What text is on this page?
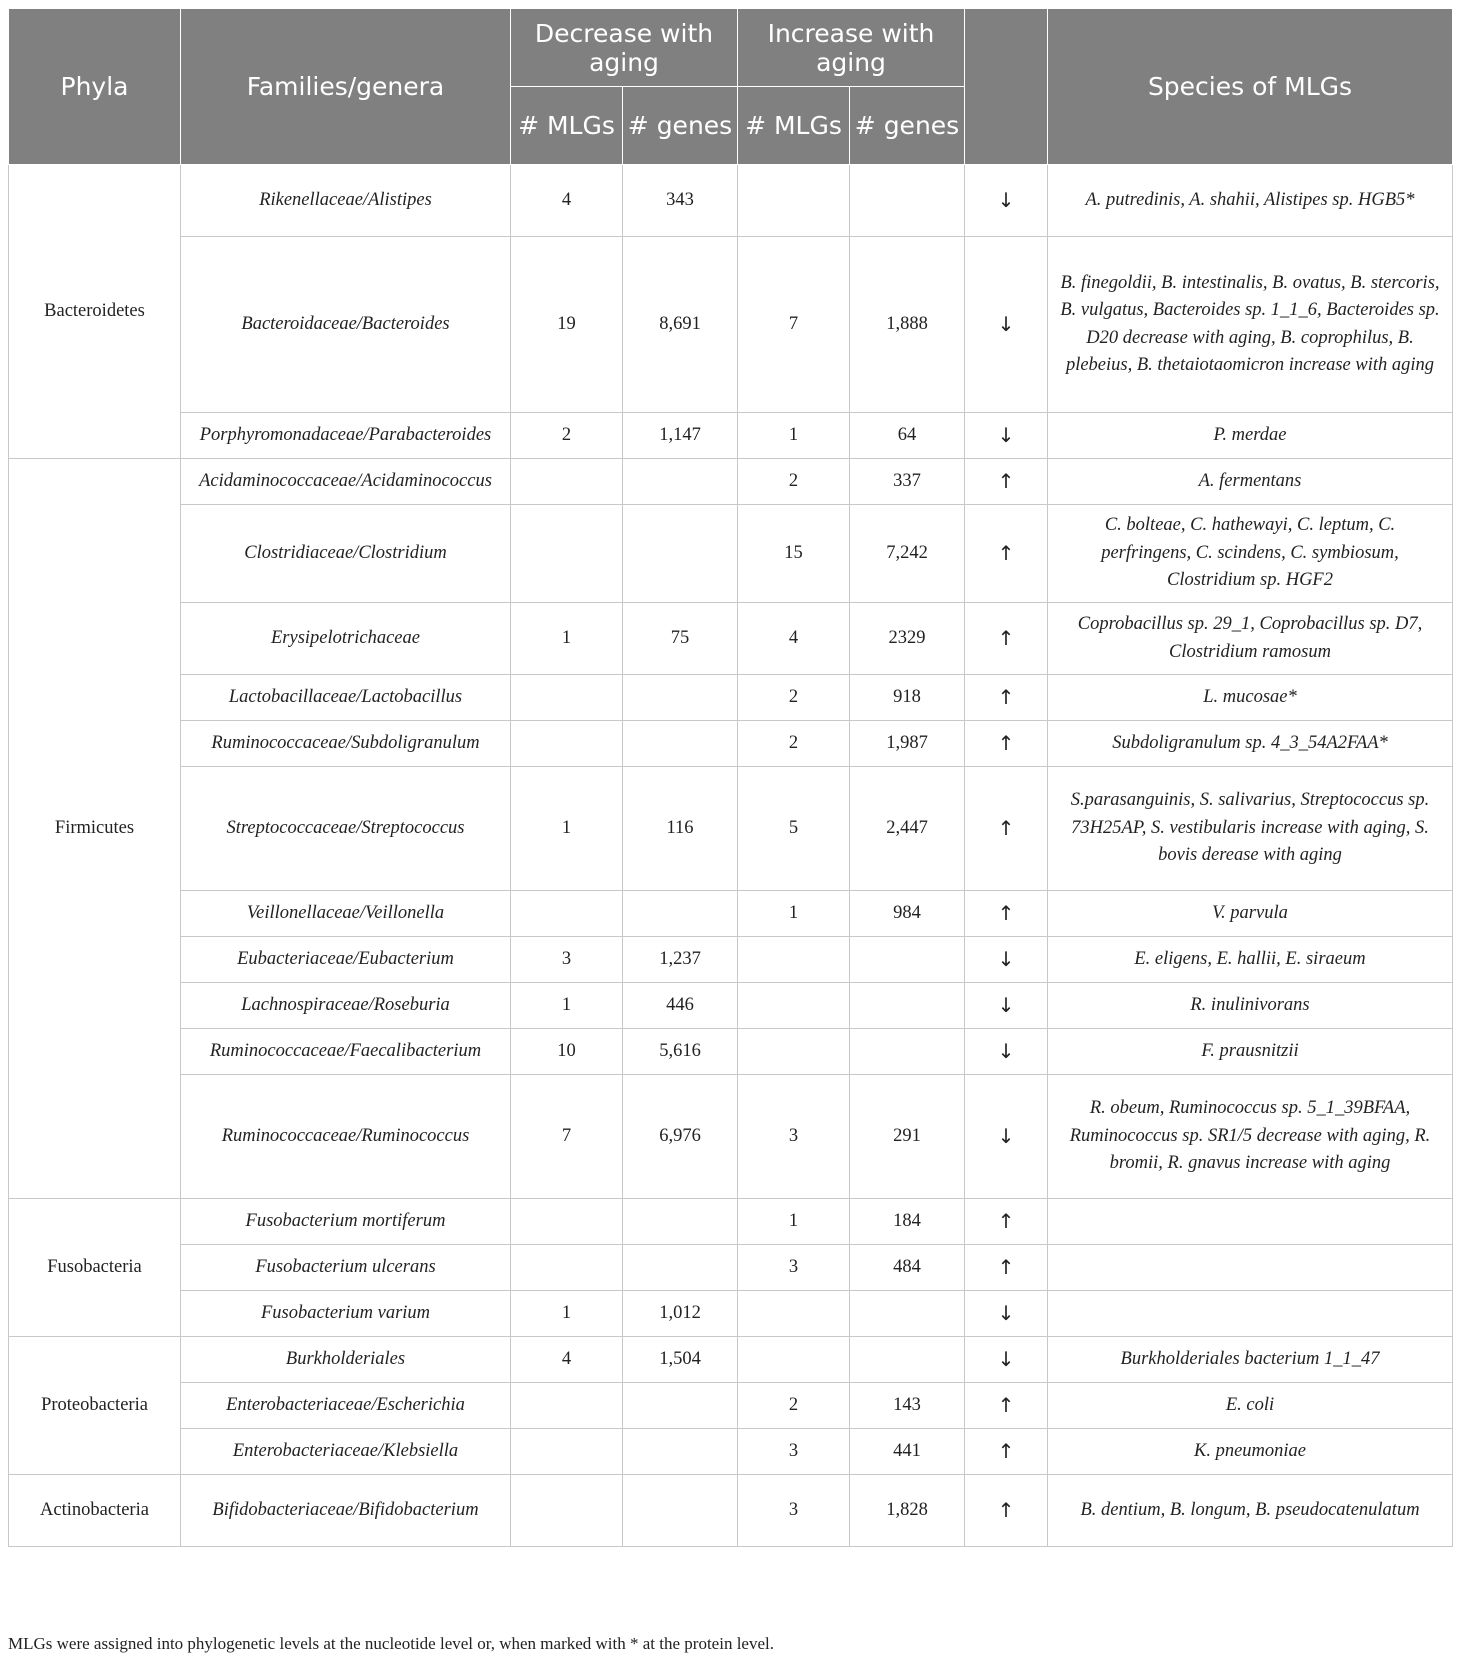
Phyla	Families/genera	Decrease with aging		Increase with aging			Species of MLGs
		# MLGs	# genes	# MLGs	# genes		
Bacteroidetes	Rikenellaceae/Alistipes	4	343			↓	A. putredinis, A. shahii, Alistipes sp. HGB5*
	Bacteroidaceae/Bacteroides	19	8,691	7	1,888	↓	B. finegoldii, B. intestinalis, B. ovatus, B. stercoris, B. vulgatus, Bacteroides sp. 1_1_6, Bacteroides sp. D20 decrease with aging, B. coprophilus, B. plebeius, B. thetaiotaomicron increase with aging
	Porphyromonadaceae/Parabacteroides	2	1,147	1	64	↓	P. merdae
Firmicutes	Acidaminococcaceae/Acidaminococcus			2	337	↑	A. fermentans
	Clostridiaceae/Clostridium			15	7,242	↑	C. bolteae, C. hathewayi, C. leptum, C. perfringens, C. scindens, C. symbiosum, Clostridium sp. HGF2
	Erysipelotrichaceae	1	75	4	2329	↑	Coprobacillus sp. 29_1, Coprobacillus sp. D7, Clostridium ramosum
	Lactobacillaceae/Lactobacillus			2	918	↑	L. mucosae*
	Ruminococcaceae/Subdoligranulum			2	1,987	↑	Subdoligranulum sp. 4_3_54A2FAA*
	Streptococcaceae/Streptococcus	1	116	5	2,447	↑	S.parasanguinis, S. salivarius, Streptococcus sp. 73H25AP, S. vestibularis increase with aging, S. bovis derease with aging
	Veillonellaceae/Veillonella			1	984	↑	V. parvula
	Eubacteriaceae/Eubacterium	3	1,237			↓	E. eligens, E. hallii, E. siraeum
	Lachnospiraceae/Roseburia	1	446			↓	R. inulinivorans
	Ruminococcaceae/Faecalibacterium	10	5,616			↓	F. prausnitzii
	Ruminococcaceae/Ruminococcus	7	6,976	3	291	↓	R. obeum, Ruminococcus sp. 5_1_39BFAA, Ruminococcus sp. SR1/5 decrease with aging, R. bromii, R. gnavus increase with aging
Fusobacteria	Fusobacterium mortiferum			1	184	↑	
	Fusobacterium ulcerans			3	484	↑	
	Fusobacterium varium	1	1,012			↓	
Proteobacteria	Burkholderiales	4	1,504			↓	Burkholderiales bacterium 1_1_47
	Enterobacteriaceae/Escherichia			2	143	↑	E. coli
	Enterobacteriaceae/Klebsiella			3	441	↑	K. pneumoniae
Actinobacteria	Bifidobacteriaceae/Bifidobacterium			3	1,828	↑	B. dentium, B. longum, B. pseudocatenulatum
MLGs were assigned into phylogenetic levels at the nucleotide level or, when marked with * at the protein level.
